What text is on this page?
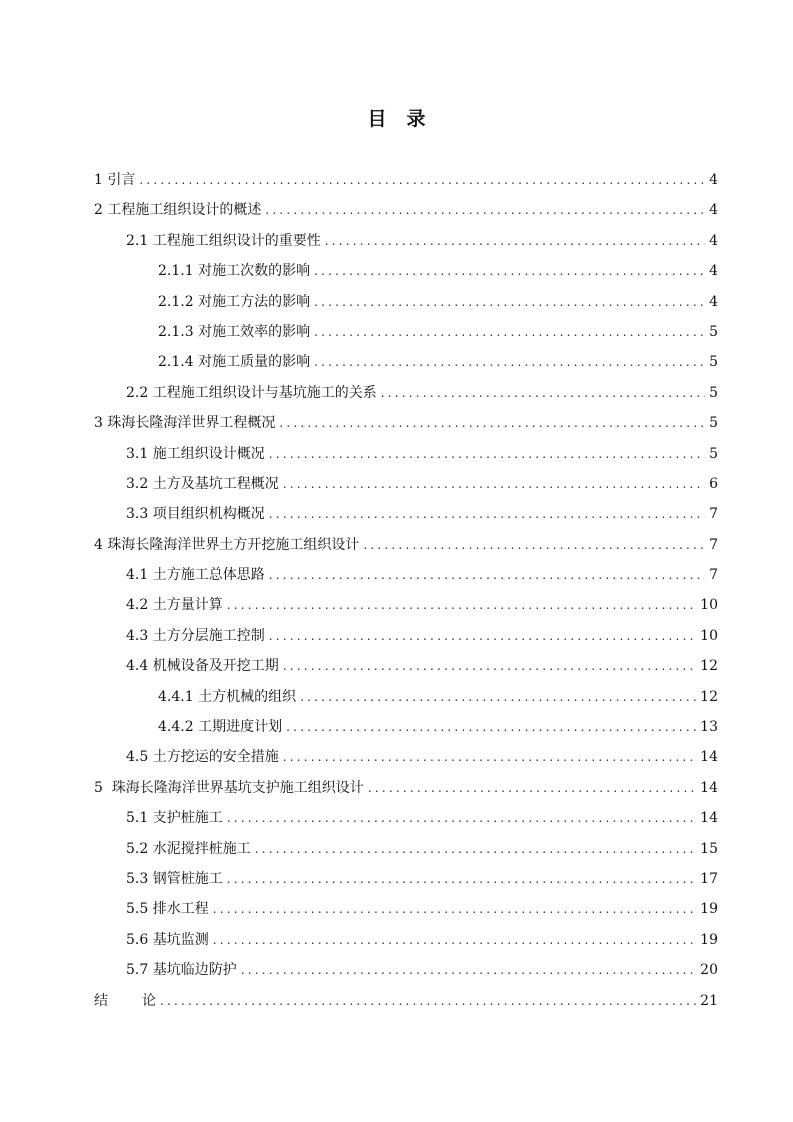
目 录
1 引言 .....	4
2 工程施工组织设计的概述 .....	4
2.1 工程施工组织设计的重要性 .....	4
2.1.1 对施工次数的影响 .....	4
2.1.2 对施工方法的影响 .....	4
2.1.3 对施工效率的影响 .....	5
2.1.4 对施工质量的影响 .....	5
2.2 工程施工组织设计与基坑施工的关系 .....	5
3 珠海长隆海洋世界工程概况 .....	5
3.1 施工组织设计概况 .....	5
3.2 土方及基坑工程概况 .....	6
3.3 项目组织机构概况 .....	7
4 珠海长隆海洋世界土方开挖施工组织设计 .....	7
4.1 土方施工总体思路 .....	7
4.2 土方量计算 .....	10
4.3 土方分层施工控制 .....	10
4.4 机械设备及开挖工期 .....	12
4.4.1 土方机械的组织 .....	12
4.4.2 工期进度计划 .....	13
4.5 土方挖运的安全措施 .....	14
5  珠海长隆海洋世界基坑支护施工组织设计 .....	14
5.1 支护桩施工 .....	14
5.2 水泥搅拌桩施工 .....	15
5.3 钢管桩施工 .....	17
5.5 排水工程 .....	19
5.6 基坑监测 .....	19
5.7 基坑临边防护 .....	20
结 论 .....	21
